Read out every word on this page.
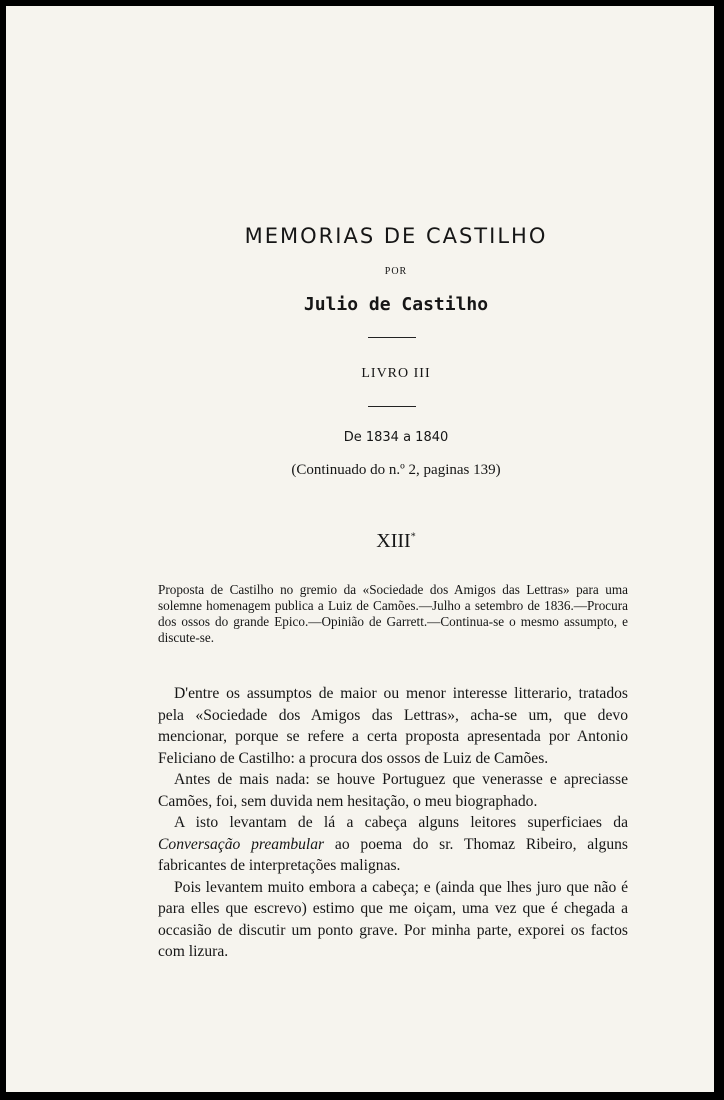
MEMORIAS DE CASTILHO
POR
Julio de Castilho
LIVRO III
De 1834 a 1840
(Continuado do n.º 2, paginas 139)
XIII*
Proposta de Castilho no gremio da «Sociedade dos Amigos das Lettras» para uma solemne homenagem publica a Luiz de Camões.—Julho a setembro de 1836.—Procura dos ossos do grande Epico.—Opinião de Garrett.—Continua-se o mesmo assumpto, e discute-se.

D'entre os assumptos de maior ou menor interesse litterario, tratados pela «Sociedade dos Amigos das Lettras», acha-se um, que devo mencionar, porque se refere a certa proposta apresentada por Antonio Feliciano de Castilho: a procura dos ossos de Luiz de Camões.

Antes de mais nada: se houve Portuguez que venerasse e apreciasse Camões, foi, sem duvida nem hesitação, o meu biographado.

A isto levantam de lá a cabeça alguns leitores superficiaes da Conversação preambular ao poema do sr. Thomaz Ribeiro, alguns fabricantes de interpretações malignas.

Pois levantem muito embora a cabeça; e (ainda que lhes juro que não é para elles que escrevo) estimo que me oiçam, uma vez que é chegada a occasião de discutir um ponto grave. Por minha parte, exporei os factos com lizura.
